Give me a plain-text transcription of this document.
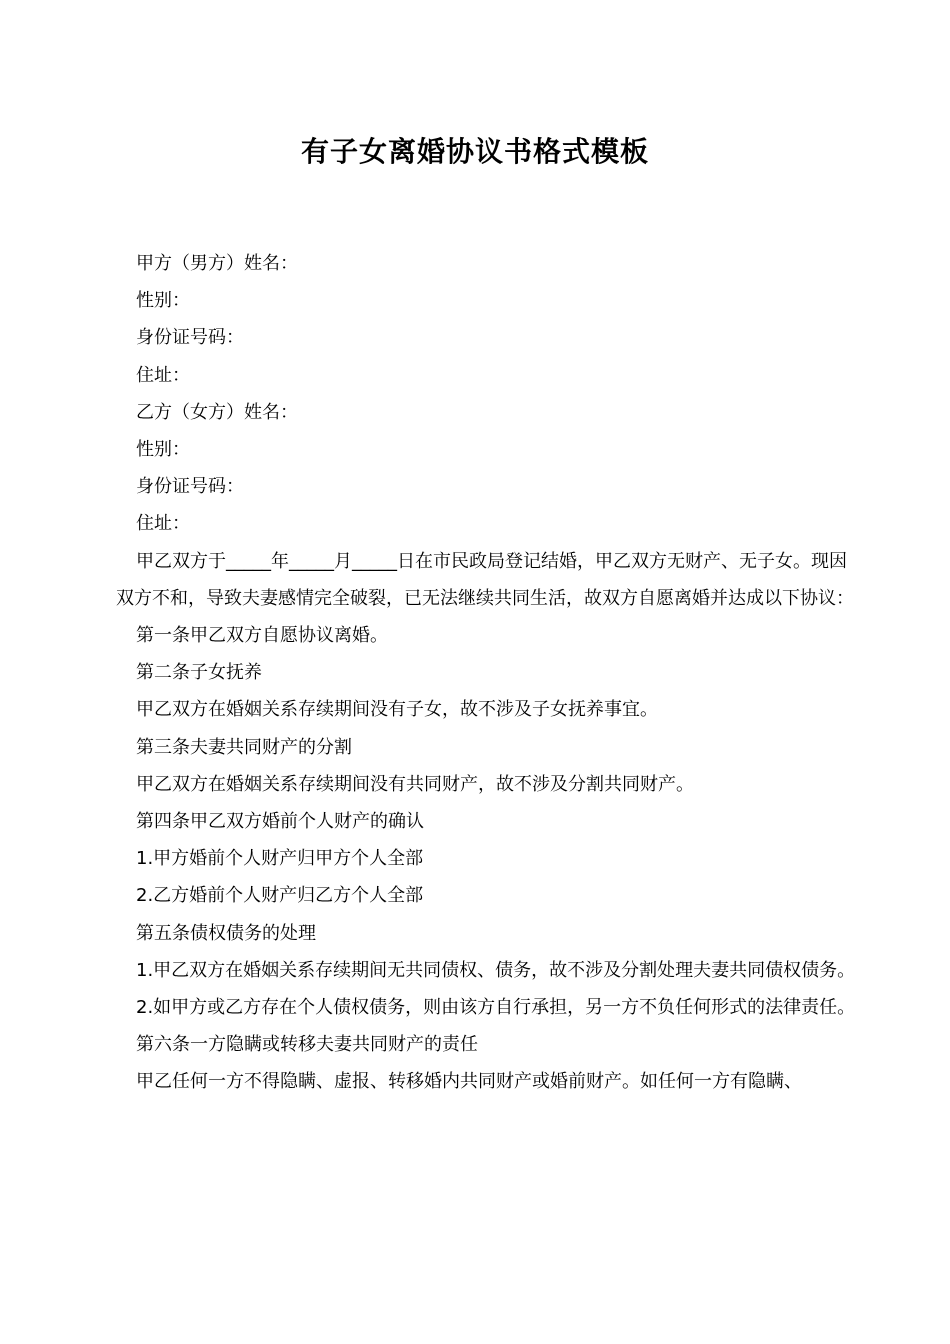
有子女离婚协议书格式模板

甲方（男方）姓名：

性别：

身份证号码：

住址：

乙方（女方）姓名：

性别：

身份证号码：

住址：

甲乙双方于_____年_____月_____日在市民政局登记结婚，甲乙双方无财产、无子女。现因双方不和，导致夫妻感情完全破裂，已无法继续共同生活，故双方自愿离婚并达成以下协议：

第一条甲乙双方自愿协议离婚。

第二条子女抚养

甲乙双方在婚姻关系存续期间没有子女，故不涉及子女抚养事宜。

第三条夫妻共同财产的分割

甲乙双方在婚姻关系存续期间没有共同财产，故不涉及分割共同财产。

第四条甲乙双方婚前个人财产的确认

1.甲方婚前个人财产归甲方个人全部

2.乙方婚前个人财产归乙方个人全部

第五条债权债务的处理

1.甲乙双方在婚姻关系存续期间无共同债权、债务，故不涉及分割处理夫妻共同债权债务。

2.如甲方或乙方存在个人债权债务，则由该方自行承担，另一方不负任何形式的法律责任。

第六条一方隐瞒或转移夫妻共同财产的责任

甲乙任何一方不得隐瞒、虚报、转移婚内共同财产或婚前财产。如任何一方有隐瞒、
